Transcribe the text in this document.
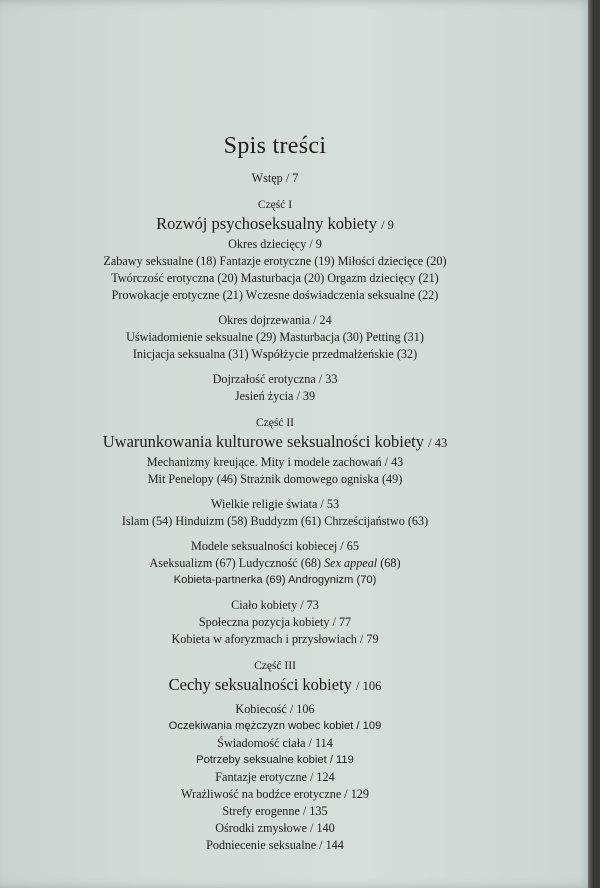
Spis treści
Wstęp / 7
Część I
Rozwój psychoseksualny kobiety / 9
Okres dziecięcy / 9
Zabawy seksualne (18) Fantazje erotyczne (19) Miłości dziecięce (20)
Twórczość erotyczna (20) Masturbacja (20) Orgazm dziecięcy (21)
Prowokacje erotyczne (21) Wczesne doświadczenia seksualne (22)
Okres dojrzewania / 24
Uświadomienie seksualne (29) Masturbacja (30) Petting (31)
Inicjacja seksualna (31) Współżycie przedmałżeńskie (32)
Dojrzałość erotyczna / 33
Jesień życia / 39
Część II
Uwarunkowania kulturowe seksualności kobiety / 43
Mechanizmy kreujące. Mity i modele zachowań / 43
Mit Penelopy (46) Strażnik domowego ogniska (49)
Wielkie religie świata / 53
Islam (54) Hinduizm (58) Buddyzm (61) Chrześcijaństwo (63)
Modele seksualności kobiecej / 65
Aseksualizm (67) Ludyczność (68) Sex appeal (68)
Kobieta-partnerka (69) Androgynizm (70)
Ciało kobiety / 73
Społeczna pozycja kobiety / 77
Kobieta w aforyzmach i przysłowiach / 79
Część III
Cechy seksualności kobiety / 106
Kobiecość / 106
Oczekiwania mężczyzn wobec kobiet / 109
Świadomość ciała / 114
Potrzeby seksualne kobiet / 119
Fantazje erotyczne / 124
Wrażliwość na bodźce erotyczne / 129
Strefy erogenne / 135
Ośrodki zmysłowe / 140
Podniecenie seksualne / 144
